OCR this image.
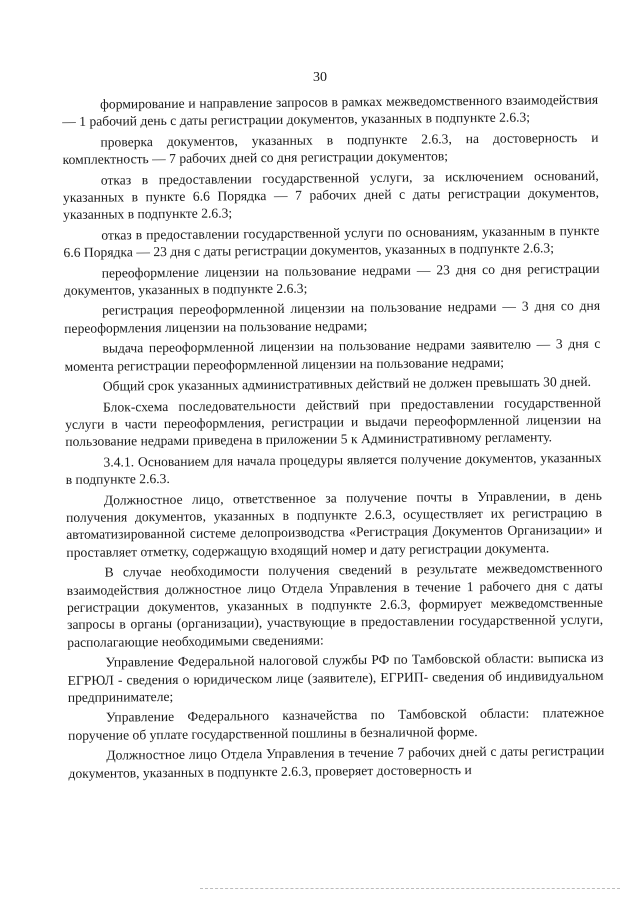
30

формирование и направление запросов в рамках межведомственного взаимодействия — 1 рабочий день с даты регистрации документов, указанных в подпункте 2.6.3;

проверка документов, указанных в подпункте 2.6.3, на достоверность и комплектность — 7 рабочих дней со дня регистрации документов;

отказ в предоставлении государственной услуги, за исключением оснований, указанных в пункте 6.6 Порядка — 7 рабочих дней с даты регистрации документов, указанных в подпункте 2.6.3;

отказ в предоставлении государственной услуги по основаниям, указанным в пункте 6.6 Порядка — 23 дня с даты регистрации документов, указанных в подпункте 2.6.3;

переоформление лицензии на пользование недрами — 23 дня со дня регистрации документов, указанных в подпункте 2.6.3;

регистрация переоформленной лицензии на пользование недрами — 3 дня со дня переоформления лицензии на пользование недрами;

выдача переоформленной лицензии на пользование недрами заявителю — 3 дня с момента регистрации переоформленной лицензии на пользование недрами;

Общий срок указанных административных действий не должен превышать 30 дней.

Блок-схема последовательности действий при предоставлении государственной услуги в части переоформления, регистрации и выдачи переоформленной лицензии на пользование недрами приведена в приложении 5 к Административному регламенту.

3.4.1. Основанием для начала процедуры является получение документов, указанных в подпункте 2.6.3.

Должностное лицо, ответственное за получение почты в Управлении, в день получения документов, указанных в подпункте 2.6.3, осуществляет их регистрацию в автоматизированной системе делопроизводства «Регистрация Документов Организации» и проставляет отметку, содержащую входящий номер и дату регистрации документа.

В случае необходимости получения сведений в результате межведомственного взаимодействия должностное лицо Отдела Управления в течение 1 рабочего дня с даты регистрации документов, указанных в подпункте 2.6.3, формирует межведомственные запросы в органы (организации), участвующие в предоставлении государственной услуги, располагающие необходимыми сведениями:

Управление Федеральной налоговой службы РФ по Тамбовской области: выписка из ЕГРЮЛ - сведения о юридическом лице (заявителе), ЕГРИП- сведения об индивидуальном предпринимателе;

Управление Федерального казначейства по Тамбовской области: платежное поручение об уплате государственной пошлины в безналичной форме.

Должностное лицо Отдела Управления в течение 7 рабочих дней с даты регистрации документов, указанных в подпункте 2.6.3, проверяет достоверность и
